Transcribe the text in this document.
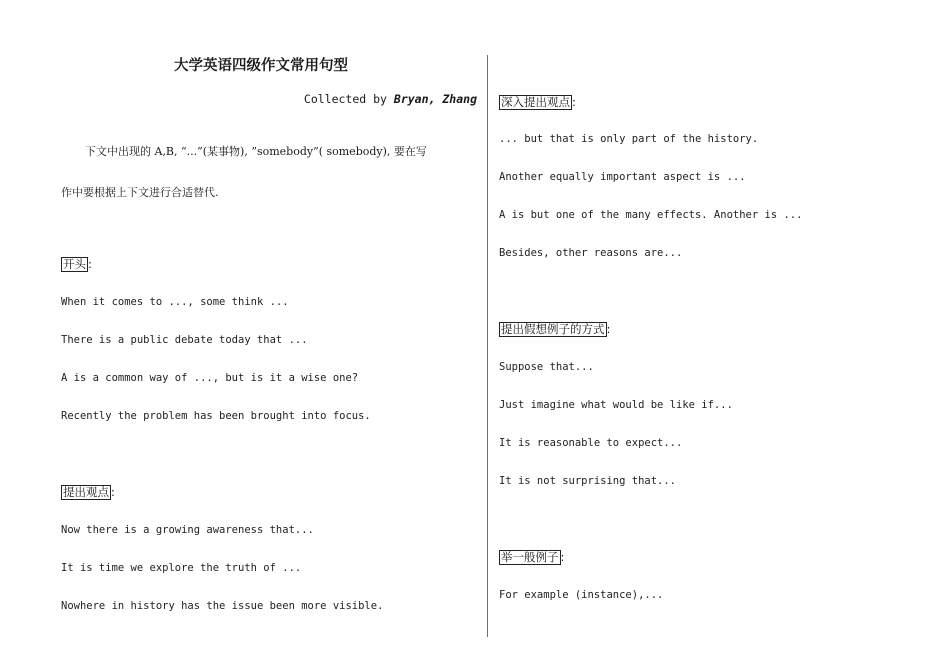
大学英语四级作文常用句型
Collected by Bryan, Zhang
下文中出现的 A,B, “...”(某事物), ”somebody”( somebody), 要在写
作中要根据上下文进行合适替代.
开头 :
When it comes to ..., some think ...
There is a public debate today that ...
A is a common way of ..., but is it a wise one?
Recently the problem has been brought into focus.
提出观点 :
Now there is a growing awareness that...
It is time we explore the truth of ...
Nowhere in history has the issue been more visible.
深入提出观点 :
... but that is only part of the history.
Another equally important aspect is ...
A is but one of the many effects. Another is ...
Besides, other reasons are...
提出假想例子的方式 :
Suppose that...
Just imagine what would be like if...
It is reasonable to expect...
It is not surprising that...
举一般例子 :
For example (instance),...
